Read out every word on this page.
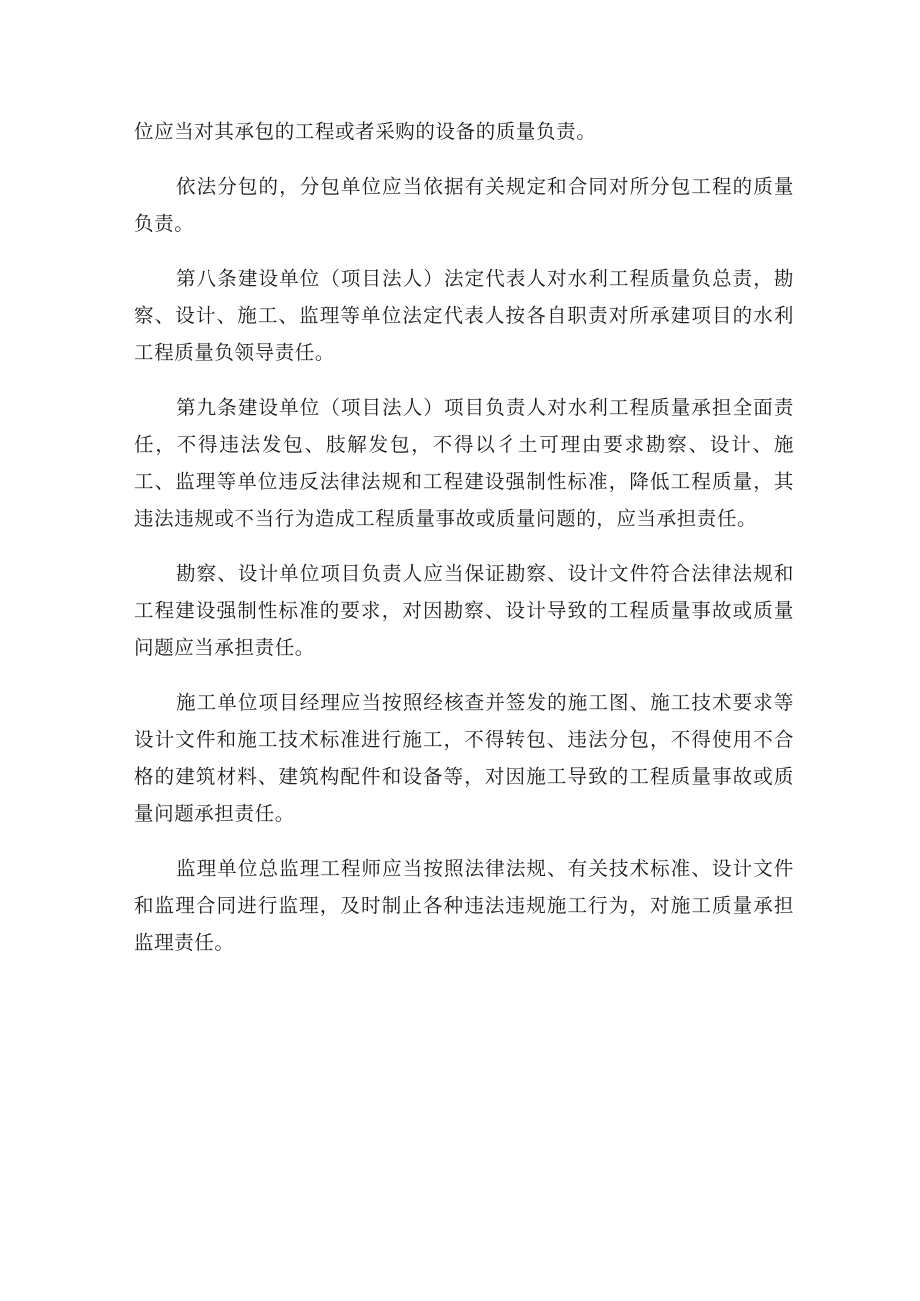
位应当对其承包的工程或者采购的设备的质量负责。

依法分包的，分包单位应当依据有关规定和合同对所分包工程的质量负责。

第八条建设单位（项目法人）法定代表人对水利工程质量负总责，勘察、设计、施工、监理等单位法定代表人按各自职责对所承建项目的水利工程质量负领导责任。

第九条建设单位（项目法人）项目负责人对水利工程质量承担全面责任，不得违法发包、肢解发包，不得以彳土可理由要求勘察、设计、施工、监理等单位违反法律法规和工程建设强制性标准，降低工程质量，其违法违规或不当行为造成工程质量事故或质量问题的，应当承担责任。

勘察、设计单位项目负责人应当保证勘察、设计文件符合法律法规和工程建设强制性标准的要求，对因勘察、设计导致的工程质量事故或质量问题应当承担责任。

施工单位项目经理应当按照经核查并签发的施工图、施工技术要求等设计文件和施工技术标准进行施工，不得转包、违法分包，不得使用不合格的建筑材料、建筑构配件和设备等，对因施工导致的工程质量事故或质量问题承担责任。

监理单位总监理工程师应当按照法律法规、有关技术标准、设计文件和监理合同进行监理，及时制止各种违法违规施工行为，对施工质量承担监理责任。
